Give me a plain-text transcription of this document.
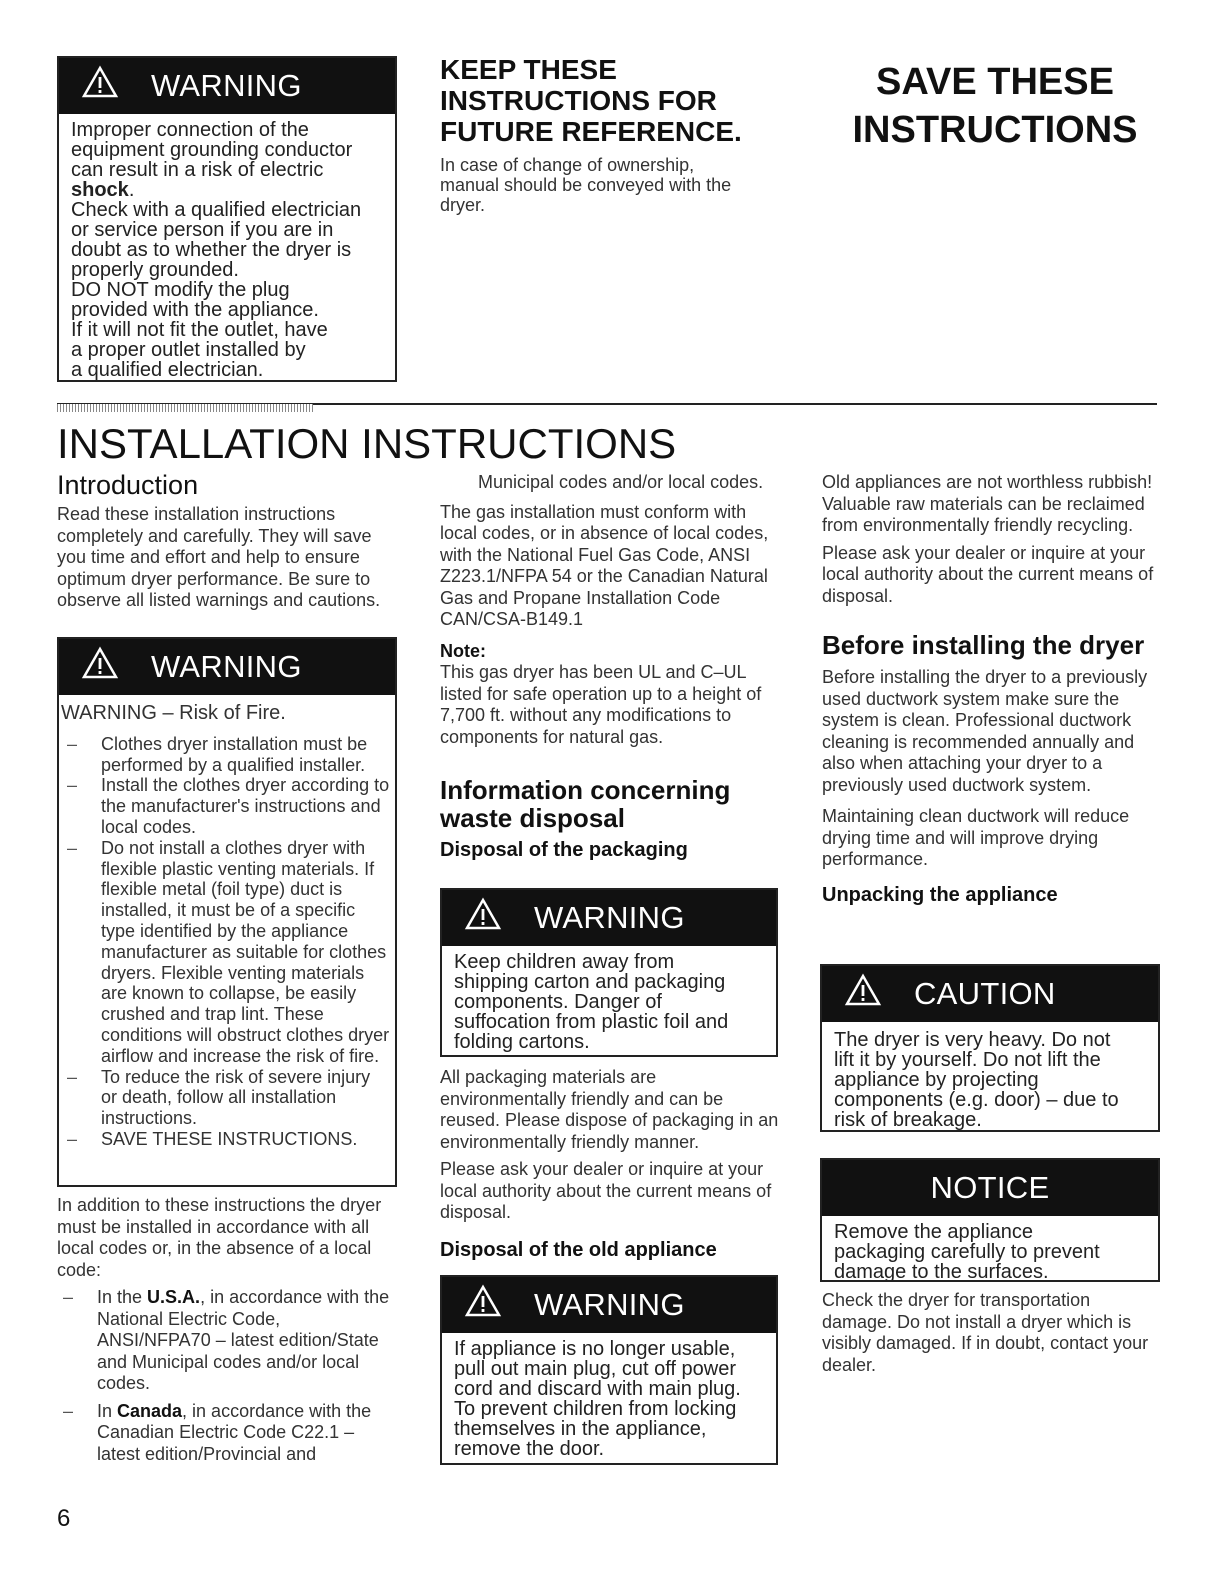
WARNING

Improper connection of the

equipment grounding conductor

can result in a risk of electric

shock.

Check with a qualified electrician

or service person if you are in

doubt as to whether the dryer is

properly grounded.

DO NOT modify the plug

provided with the appliance.

If it will not fit the outlet, have

a proper outlet installed by

a qualified electrician.

KEEP THESE
INSTRUCTIONS FOR
FUTURE REFERENCE.
In case of change of ownership,
manual should be conveyed with the
dryer.
SAVE THESE
INSTRUCTIONS
INSTALLATION INSTRUCTIONS
Introduction
Read these installation instructions completely and carefully. They will save you time and effort and help to ensure optimum dryer performance. Be sure to observe all listed warnings and cautions.
WARNING
WARNING – Risk of Fire.
– Clothes dryer installation must be performed by a qualified installer.
– Install the clothes dryer according to the manufacturer's instructions and local codes.
– Do not install a clothes dryer with flexible plastic venting materials. If flexible metal (foil type) duct is installed, it must be of a specific type identified by the appliance manufacturer as suitable for clothes dryers. Flexible venting materials are known to collapse, be easily crushed and trap lint. These conditions will obstruct clothes dryer airflow and increase the risk of fire.
– To reduce the risk of severe injury or death, follow all installation instructions.
– SAVE THESE INSTRUCTIONS.

In addition to these instructions the dryer must be installed in accordance with all local codes or, in the absence of a local code:

– In the U.S.A., in accordance with the National Electric Code, ANSI/NFPA70 – latest edition/State and Municipal codes and/or local codes.
– In Canada, in accordance with the Canadian Electric Code C22.1 – latest edition/Provincial and

Municipal codes and/or local codes.

The gas installation must conform with local codes, or in absence of local codes, with the National Fuel Gas Code, ANSI Z223.1/NFPA 54 or the Canadian Natural Gas and Propane Installation Code CAN/CSA-B149.1

Note:

This gas dryer has been UL and C–UL listed for safe operation up to a height of 7,700 ft. without any modifications to components for natural gas.

Information concerning
waste disposal
Disposal of the packaging
WARNING

Keep children away from

shipping carton and packaging

components. Danger of

suffocation from plastic foil and

folding cartons.

All packaging materials are environmentally friendly and can be reused. Please dispose of packaging in an environmentally friendly manner.

Please ask your dealer or inquire at your local authority about the current means of disposal.

Disposal of the old appliance
WARNING

If appliance is no longer usable,

pull out main plug, cut off power

cord and discard with main plug.

To prevent children from locking

themselves in the appliance,

remove the door.

Old appliances are not worthless rubbish! Valuable raw materials can be reclaimed from environmentally friendly recycling.

Please ask your dealer or inquire at your local authority about the current means of disposal.

Before installing the dryer

Before installing the dryer to a previously used ductwork system make sure the system is clean. Professional ductwork cleaning is recommended annually and also when attaching your dryer to a previously used ductwork system.

Maintaining clean ductwork will reduce drying time and will improve drying performance.

Unpacking the appliance
CAUTION

The dryer is very heavy. Do not

lift it by yourself. Do not lift the

appliance by projecting

components (e.g. door) – due to

risk of breakage.

NOTICE

Remove the appliance

packaging carefully to prevent

damage to the surfaces.

Check the dryer for transportation damage. Do not install a dryer which is visibly damaged. If in doubt, contact your dealer.
6
